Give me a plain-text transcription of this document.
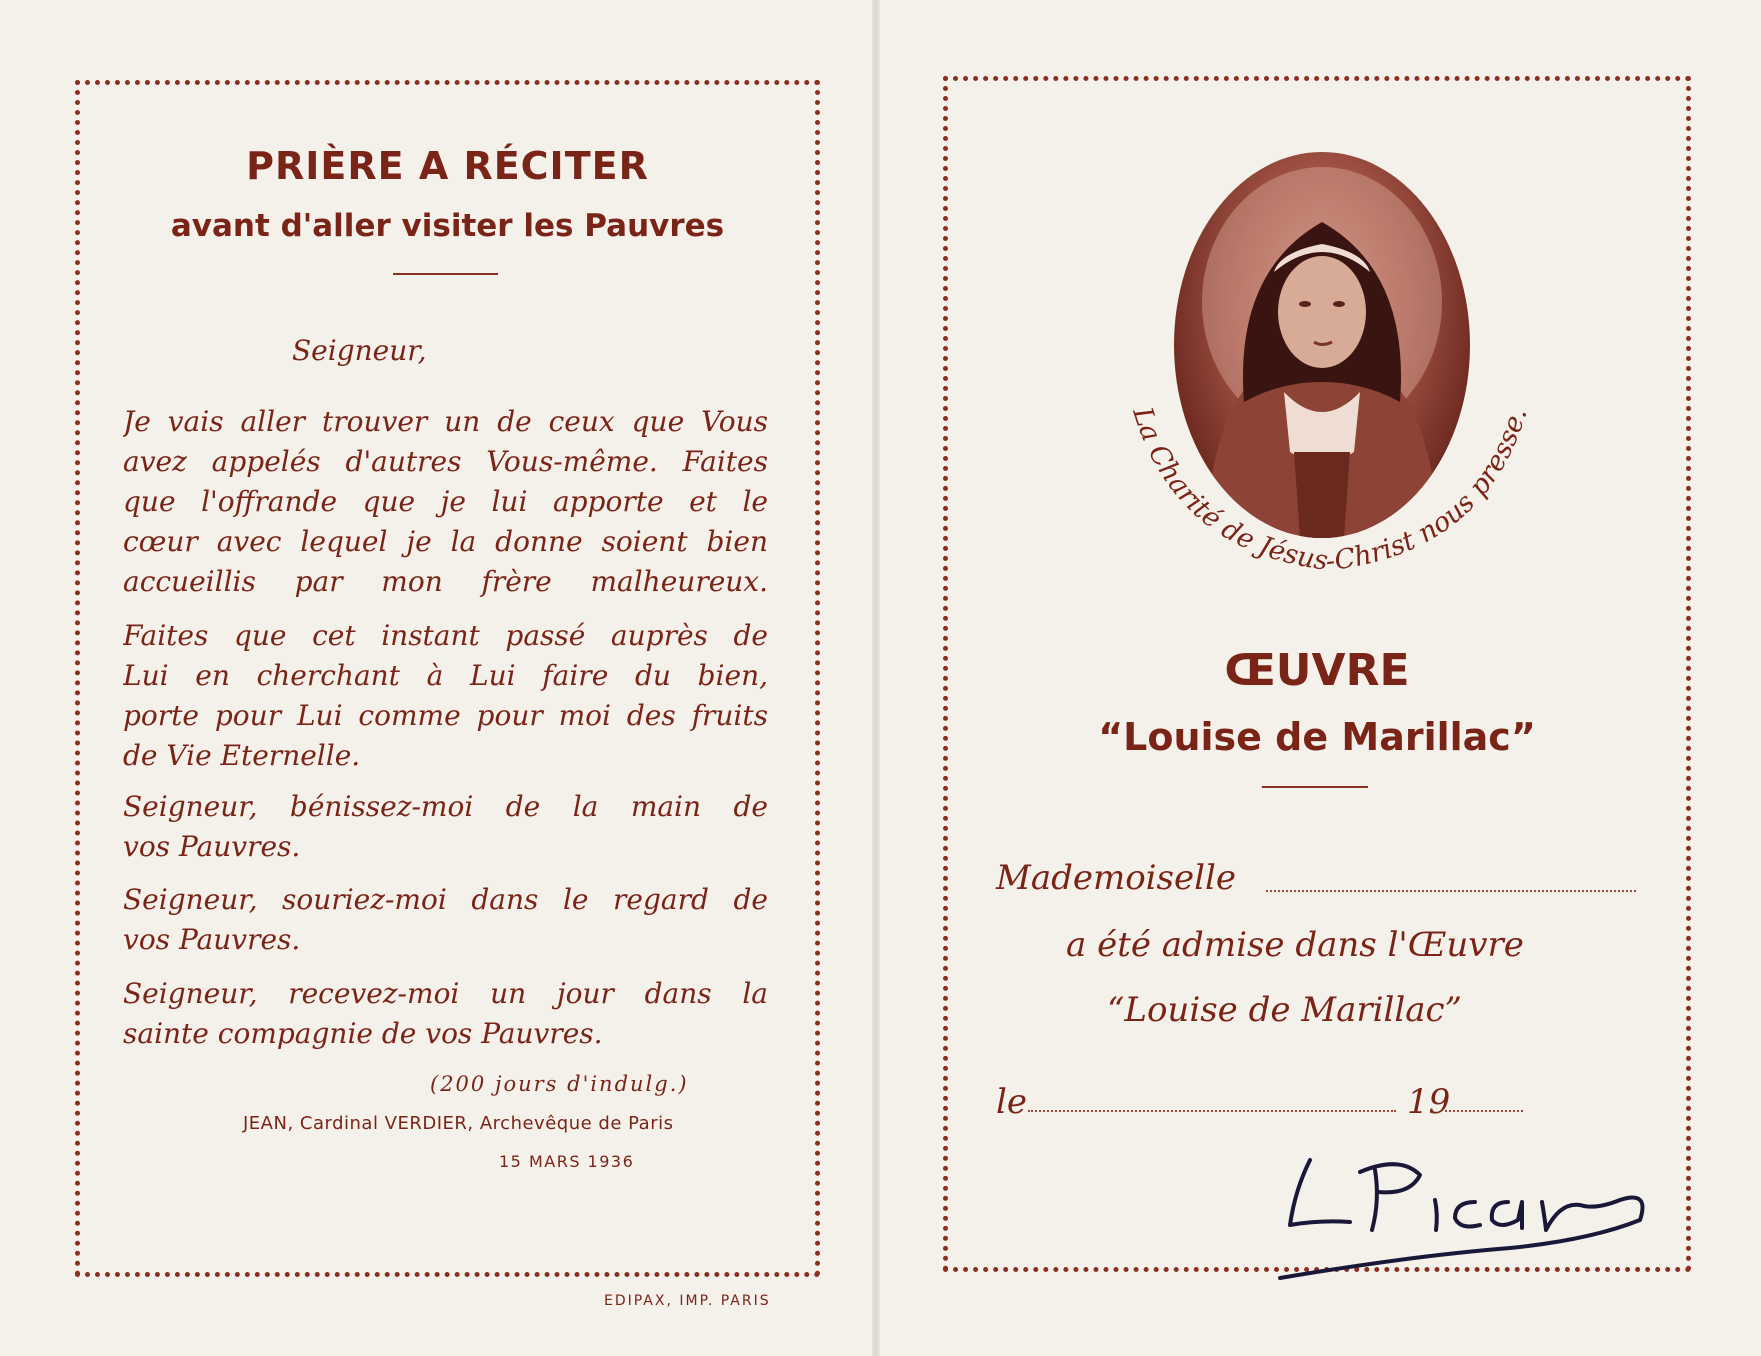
PRIÈRE A RÉCITER
avant d'aller visiter les Pauvres
Seigneur,
Je vais aller trouver un de ceux que Vous
avez appelés d'autres Vous-même. Faites
que l'offrande que je lui apporte et le
cœur avec lequel je la donne soient bien
accueillis par mon frère malheureux.
Faites que cet instant passé auprès de
Lui en cherchant à Lui faire du bien,
porte pour Lui comme pour moi des fruits
de Vie Eternelle.
Seigneur, bénissez-moi de la main de
vos Pauvres.
Seigneur, souriez-moi dans le regard de
vos Pauvres.
Seigneur, recevez-moi un jour dans la
sainte compagnie de vos Pauvres.
(200 jours d'indulg.)
JEAN, Cardinal VERDIER, Archevêque de Paris
15 MARS 1936
EDIPAX, IMP. PARIS
La Charité de Jésus-Christ nous presse.
ŒUVRE
“Louise de Marillac”
Mademoiselle
a été admise dans l'Œuvre
“Louise de Marillac”
le	19
